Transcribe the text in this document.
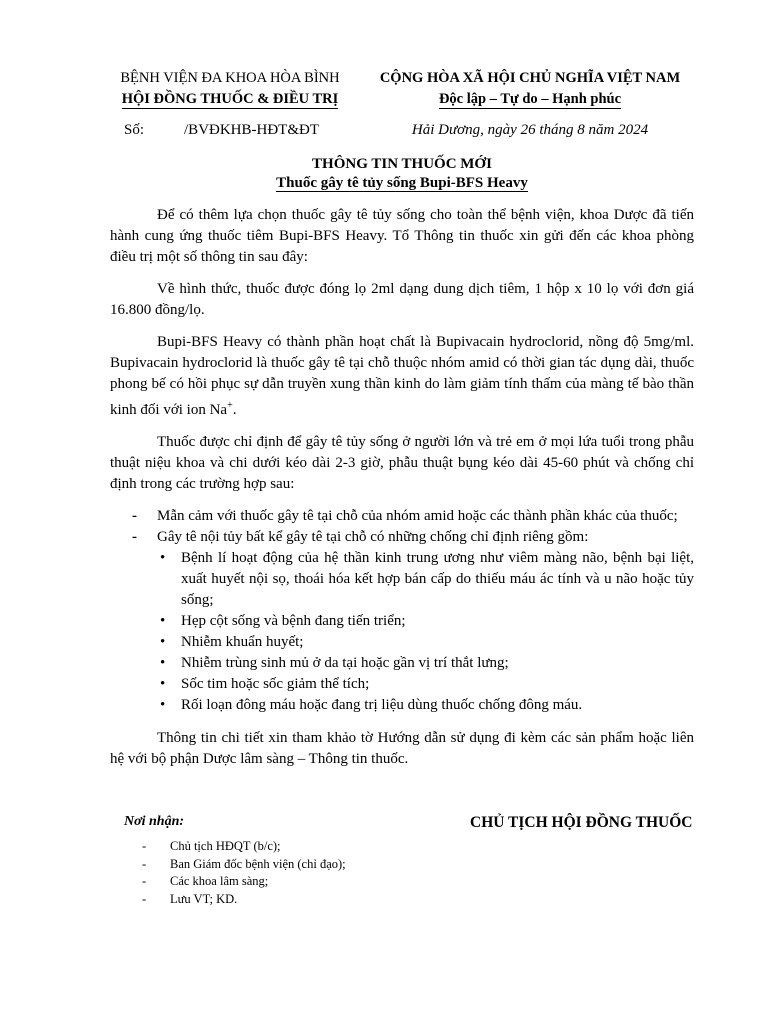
BỆNH VIỆN ĐA KHOA HÒA BÌNH
HỘI ĐỒNG THUỐC & ĐIỀU TRỊ
CỘNG HÒA XÃ HỘI CHỦ NGHĨA VIỆT NAM
Độc lập – Tự do – Hạnh phúc
Số:	/BVĐKHB-HĐT&ĐT	Hải Dương, ngày 26 tháng 8 năm 2024
THÔNG TIN THUỐC MỚI
Thuốc gây tê tủy sống Bupi-BFS Heavy

Để có thêm lựa chọn thuốc gây tê tủy sống cho toàn thể bệnh viện, khoa Dược đã tiến hành cung ứng thuốc tiêm Bupi-BFS Heavy. Tổ Thông tin thuốc xin gửi đến các khoa phòng điều trị một số thông tin sau đây:

Về hình thức, thuốc được đóng lọ 2ml dạng dung dịch tiêm, 1 hộp x 10 lọ với đơn giá 16.800 đồng/lọ.

Bupi-BFS Heavy có thành phần hoạt chất là Bupivacain hydroclorid, nồng độ 5mg/ml. Bupivacain hydroclorid là thuốc gây tê tại chỗ thuộc nhóm amid có thời gian tác dụng dài, thuốc phong bế có hồi phục sự dẫn truyền xung thần kinh do làm giảm tính thấm của màng tế bào thần kinh đối với ion Na+.

Thuốc được chỉ định để gây tê tủy sống ở người lớn và trẻ em ở mọi lứa tuổi trong phẫu thuật niệu khoa và chi dưới kéo dài 2-3 giờ, phẫu thuật bụng kéo dài 45-60 phút và chống chỉ định trong các trường hợp sau:

- Mẫn cảm với thuốc gây tê tại chỗ của nhóm amid hoặc các thành phần khác của thuốc;
- Gây tê nội tủy bất kể gây tê tại chỗ có những chống chỉ định riêng gồm:
• Bệnh lí hoạt động của hệ thần kinh trung ương như viêm màng não, bệnh bại liệt, xuất huyết nội sọ, thoái hóa kết hợp bán cấp do thiếu máu ác tính và u não hoặc tủy sống;
• Hẹp cột sống và bệnh đang tiến triển;
• Nhiễm khuẩn huyết;
• Nhiễm trùng sinh mủ ở da tại hoặc gần vị trí thắt lưng;
• Sốc tim hoặc sốc giảm thể tích;
• Rối loạn đông máu hoặc đang trị liệu dùng thuốc chống đông máu.

Thông tin chi tiết xin tham khảo tờ Hướng dẫn sử dụng đi kèm các sản phẩm hoặc liên hệ với bộ phận Dược lâm sàng – Thông tin thuốc.

Nơi nhận:	CHỦ TỊCH HỘI ĐỒNG THUỐC
- Chủ tịch HĐQT (b/c);
- Ban Giám đốc bệnh viện (chỉ đạo);
- Các khoa lâm sàng;
- Lưu VT; KD.
